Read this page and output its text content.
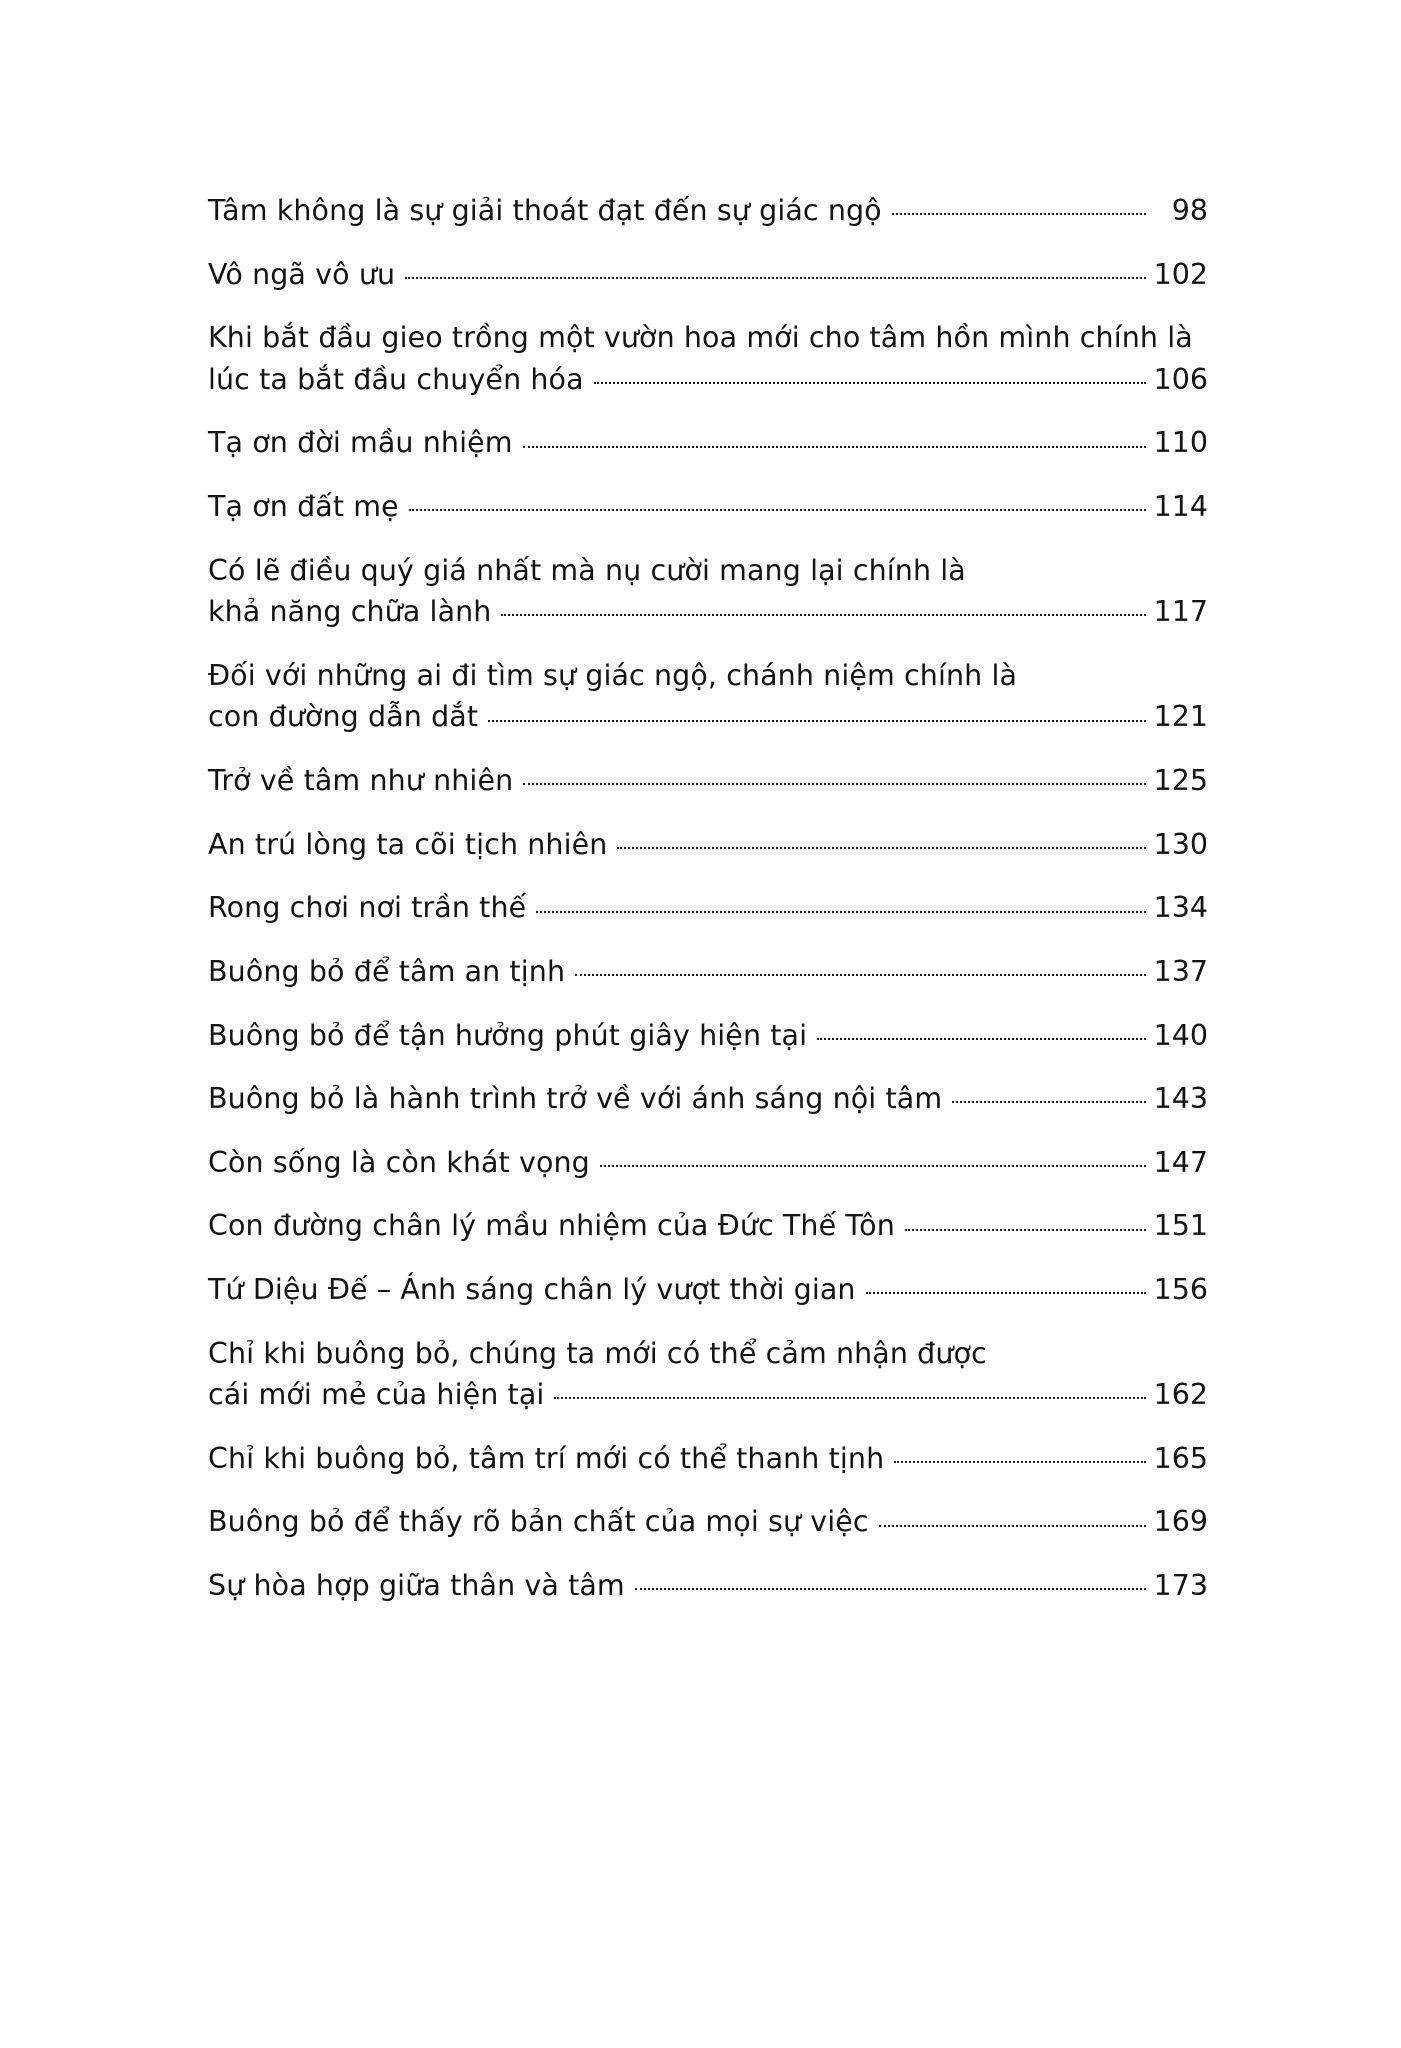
Tâm không là sự giải thoát đạt đến sự giác ngộ	98
Vô ngã vô ưu	102
Khi bắt đầu gieo trồng một vườn hoa mới cho tâm hồn mình chính là
lúc ta bắt đầu chuyển hóa	106
Tạ ơn đời mầu nhiệm	110
Tạ ơn đất mẹ	114
Có lẽ điều quý giá nhất mà nụ cười mang lại chính là
khả năng chữa lành	117
Đối với những ai đi tìm sự giác ngộ, chánh niệm chính là
con đường dẫn dắt	121
Trở về tâm như nhiên	125
An trú lòng ta cõi tịch nhiên	130
Rong chơi nơi trần thế	134
Buông bỏ để tâm an tịnh	137
Buông bỏ để tận hưởng phút giây hiện tại	140
Buông bỏ là hành trình trở về với ánh sáng nội tâm	143
Còn sống là còn khát vọng	147
Con đường chân lý mầu nhiệm của Đức Thế Tôn	151
Tứ Diệu Đế – Ánh sáng chân lý vượt thời gian	156
Chỉ khi buông bỏ, chúng ta mới có thể cảm nhận được
cái mới mẻ của hiện tại	162
Chỉ khi buông bỏ, tâm trí mới có thể thanh tịnh	165
Buông bỏ để thấy rõ bản chất của mọi sự việc	169
Sự hòa hợp giữa thân và tâm	173
